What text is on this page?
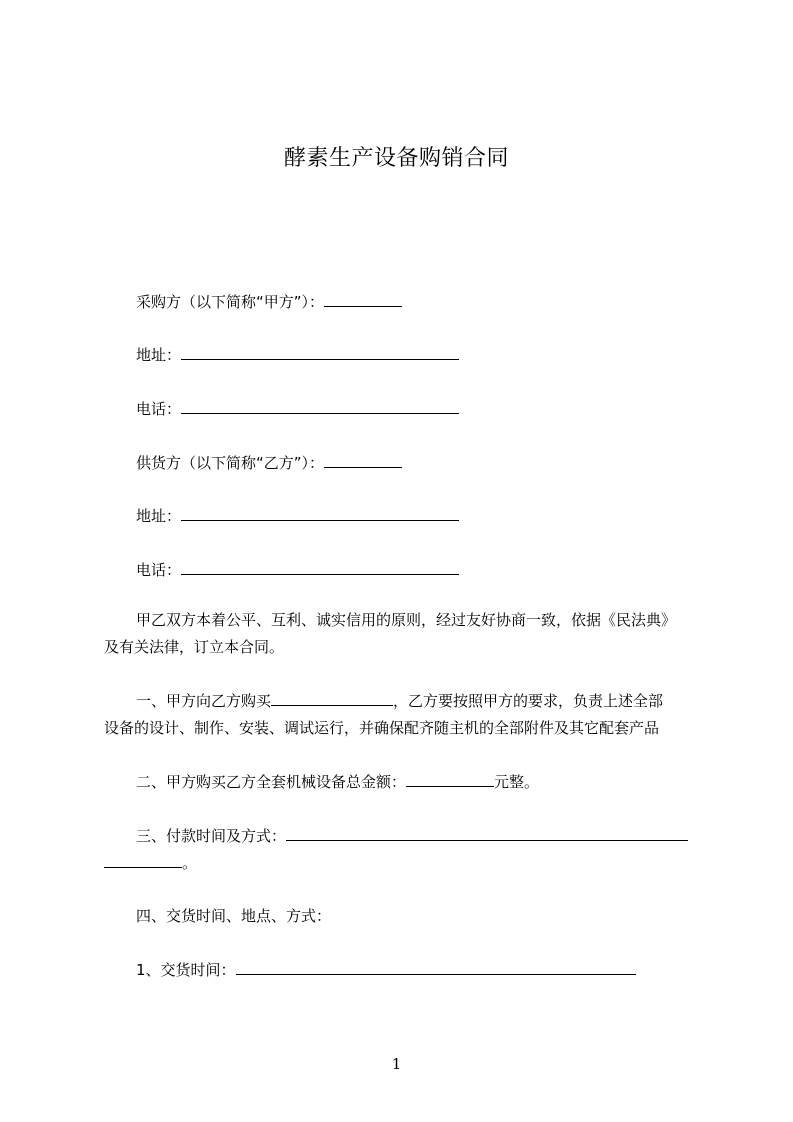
酵素生产设备购销合同
采购方（以下简称“甲方”）：
地址：
电话：
供货方（以下简称“乙方”）：
地址：
电话：
甲乙双方本着公平、互利、诚实信用的原则，经过友好协商一致，依据《民法典》
及有关法律，订立本合同。
一、甲方向乙方购买	，乙方要按照甲方的要求，负责上述全部
设备的设计、制作、安装、调试运行，并确保配齐随主机的全部附件及其它配套产品
二、甲方购买乙方全套机械设备总金额：	元整。
三、付款时间及方式：
。
四、交货时间、地点、方式：
1、交货时间：
1
